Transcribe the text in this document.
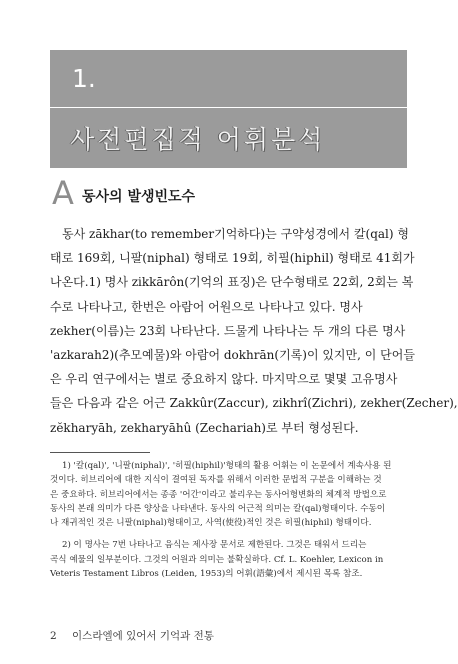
1.
사전편집적 어휘분석
A 동사의 발생빈도수
동사 zākhar(to remember기억하다)는 구약성경에서 칼(qal) 형
태로 169회, 니팔(niphal) 형태로 19회, 히필(hiphil) 형태로 41회가
나온다.1) 명사 zikkārôn(기억의 표징)은 단수형태로 22회, 2회는 복
수로 나타나고, 한번은 아람어 어원으로 나타나고 있다. 명사
zekher(이름)는 23회 나타난다. 드물게 나타나는 두 개의 다른 명사
'azkarah2)(추모예물)와 아람어 dokhrān(기록)이 있지만, 이 단어들
은 우리 연구에서는 별로 중요하지 않다. 마지막으로 몇몇 고유명사
들은 다음과 같은 어근 Zakkûr(Zaccur), zikhrî(Zichri), zekher(Zecher),
zĕkharyāh, zekharyāhû (Zechariah)로 부터 형성된다.
1) '칼(qal)', '니팔(niphal)', '히필(hiphil)'형태의 활용 어휘는 이 논문에서 계속사용 된
것이다. 히브리어에 대한 지식이 결여된 독자를 위해서 이러한 문법적 구분을 이해하는 것
은 중요하다. 히브리어에서는 종종 '어간'이라고 불리우는 동사어형변화의 체계적 방법으로
동사의 본래 의미가 다른 양상을 나타낸다. 동사의 어근적 의미는 칼(qal)형태이다. 수동이
나 재귀적인 것은 니팔(niphal)형태이고, 사역(使役)적인 것은 히필(hiphil) 형태이다.
2) 이 명사는 7번 나타나고 음식는 제사장 문서로 제한된다. 그것은 태워서 드리는
곡식 예물의 일부분이다. 그것의 어원과 의미는 불확실하다. Cf. L. Koehler, Lexicon in
Veteris Testament Libros (Leiden, 1953)의 어휘(語彙)에서 제시된 목록 참조.
2 이스라엘에 있어서 기억과 전통
